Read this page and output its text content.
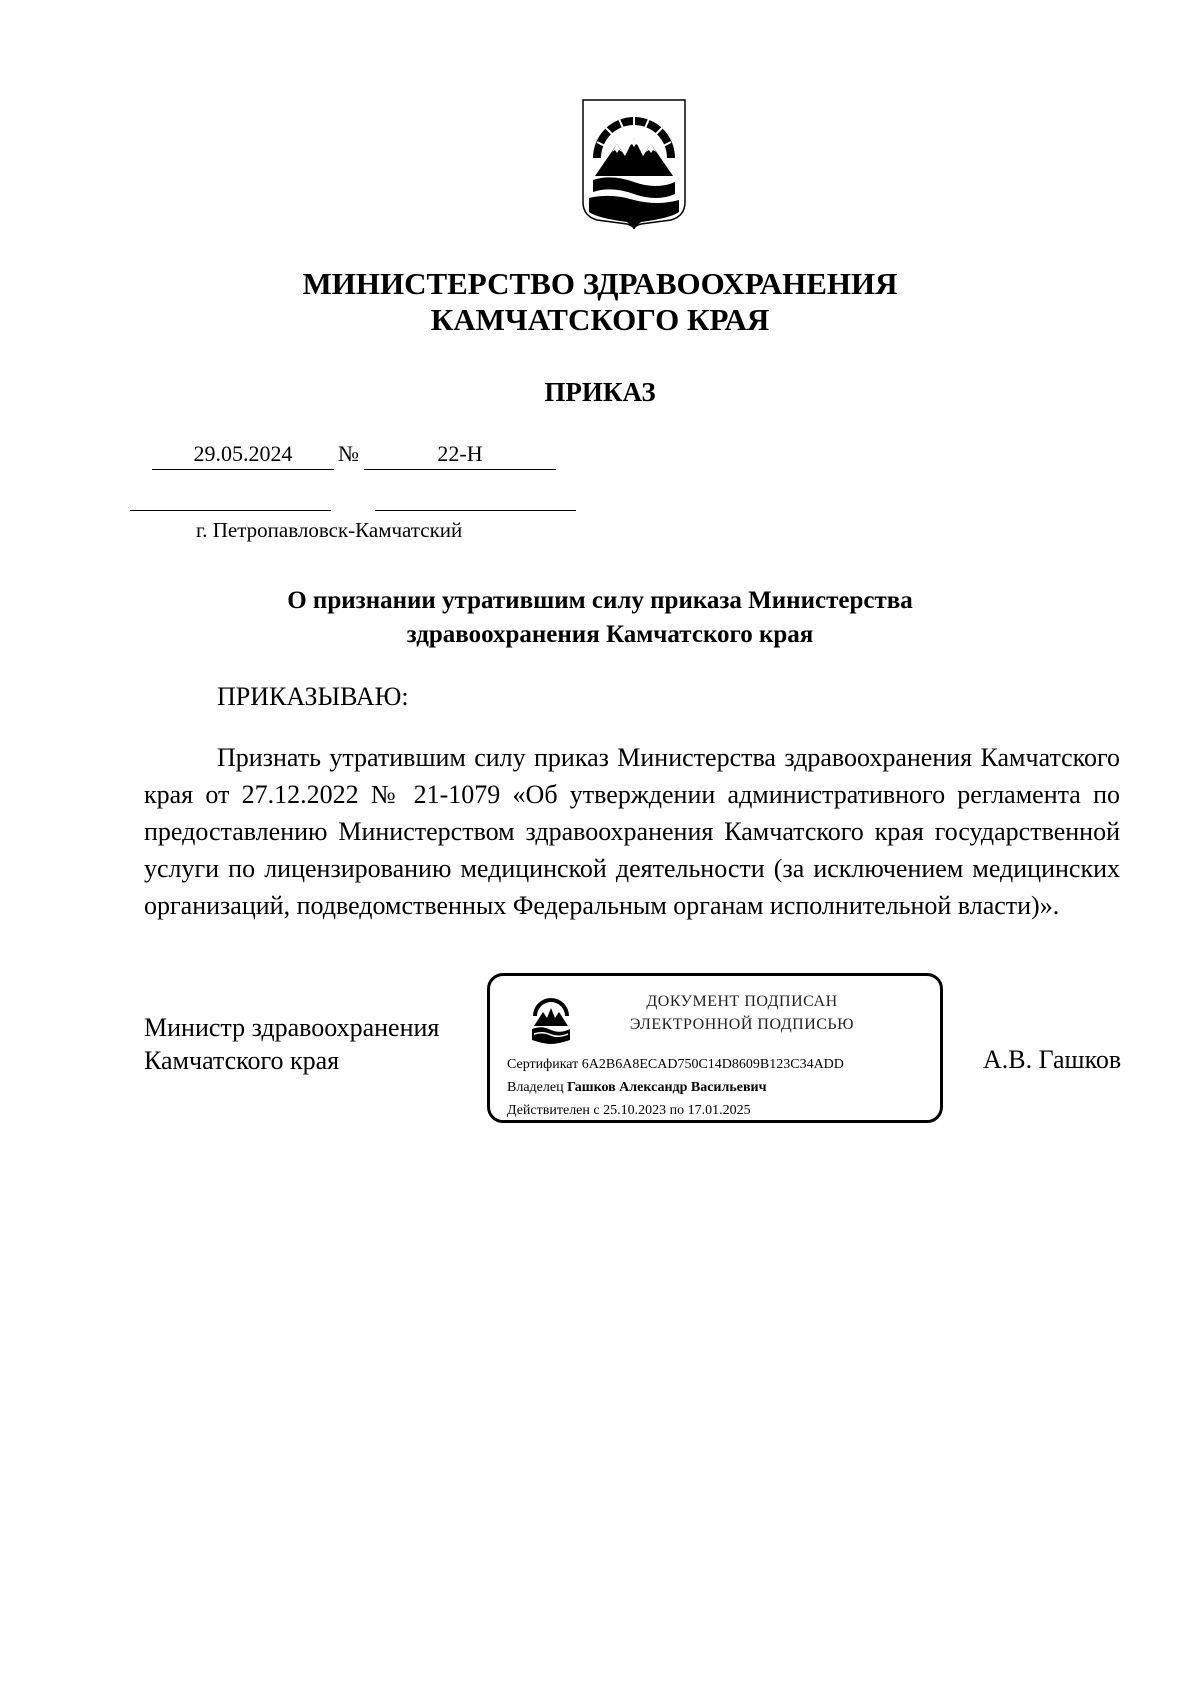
МИНИСТЕРСТВО ЗДРАВООХРАНЕНИЯ
КАМЧАТСКОГО КРАЯ
ПРИКАЗ
29.05.2024	№	22-Н
г. Петропавловск-Камчатский
О признании утратившим силу приказа Министерства
здравоохранения Камчатского края
ПРИКАЗЫВАЮ:
Признать утратившим силу приказ Министерства здравоохранения Камчатского края от 27.12.2022 № 21-1079 «Об утверждении административного регламента по предоставлению Министерством здравоохранения Камчатского края государственной услуги по лицензированию медицинской деятельности (за исключением медицинских организаций, подведомственных Федеральным органам исполнительной власти)».
Министр здравоохранения
Камчатского края
ДОКУМЕНТ ПОДПИСАН
ЭЛЕКТРОННОЙ ПОДПИСЬЮ
Сертификат 6A2B6A8ECAD750C14D8609B123C34ADD
Владелец Гашков Александр Васильевич
Действителен с 25.10.2023 по 17.01.2025
А.В. Гашков
